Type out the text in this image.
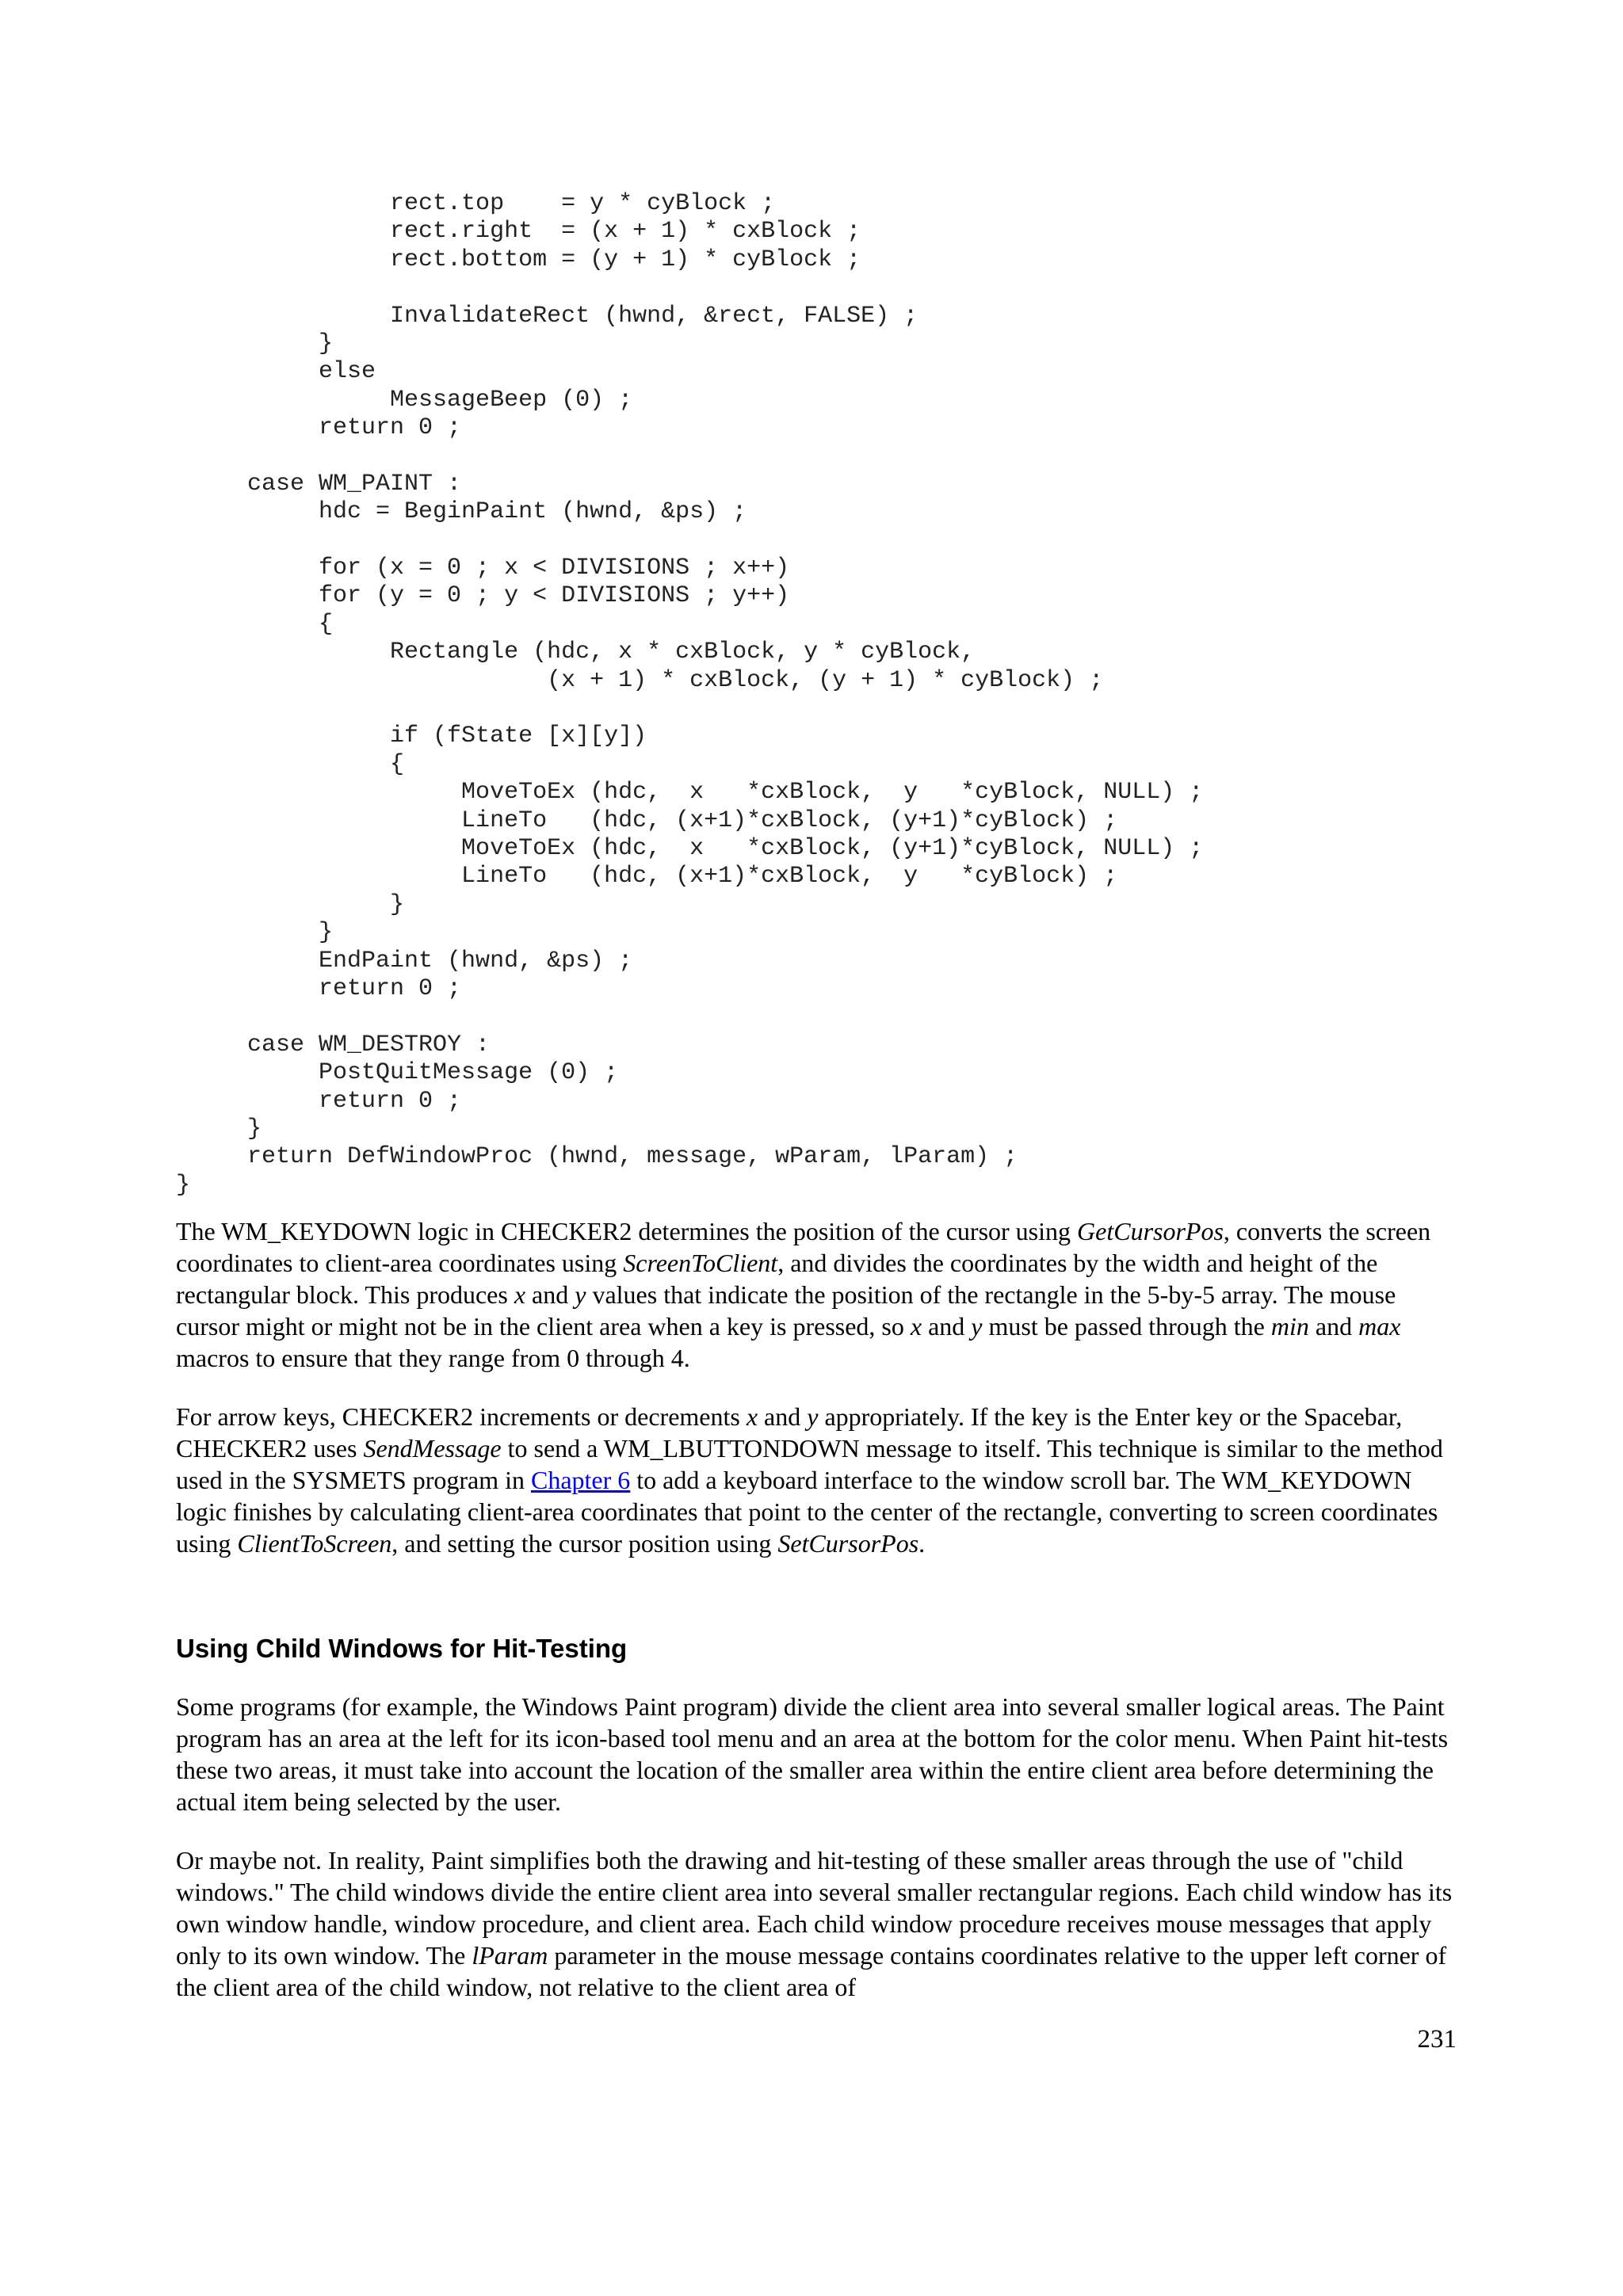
rect.top    = y * cyBlock ;
rect.right  = (x + 1) * cxBlock ;
rect.bottom = (y + 1) * cyBlock ;
InvalidateRect (hwnd, &rect, FALSE) ;
}
else
MessageBeep (0) ;
return 0 ;
case WM_PAINT :
hdc = BeginPaint (hwnd, &ps) ;
for (x = 0 ; x < DIVISIONS ; x++)
for (y = 0 ; y < DIVISIONS ; y++)
{
Rectangle (hdc, x * cxBlock, y * cyBlock,
(x + 1) * cxBlock, (y + 1) * cyBlock) ;
if (fState [x][y])
{
MoveToEx (hdc,  x   *cxBlock,  y   *cyBlock, NULL) ;
LineTo   (hdc, (x+1)*cxBlock, (y+1)*cyBlock) ;
MoveToEx (hdc,  x   *cxBlock, (y+1)*cyBlock, NULL) ;
LineTo   (hdc, (x+1)*cxBlock,  y   *cyBlock) ;
}
}
EndPaint (hwnd, &ps) ;
return 0 ;
case WM_DESTROY :
PostQuitMessage (0) ;
return 0 ;
}
return DefWindowProc (hwnd, message, wParam, lParam) ;
}

The WM_KEYDOWN logic in CHECKER2 determines the position of the cursor using GetCursorPos, converts the screen coordinates to client-area coordinates using ScreenToClient, and divides the coordinates by the width and height of the rectangular block. This produces x and y values that indicate the position of the rectangle in the 5-by-5 array. The mouse cursor might or might not be in the client area when a key is pressed, so x and y must be passed through the min and max macros to ensure that they range from 0 through 4.

For arrow keys, CHECKER2 increments or decrements x and y appropriately. If the key is the Enter key or the Spacebar, CHECKER2 uses SendMessage to send a WM_LBUTTONDOWN message to itself. This technique is similar to the method used in the SYSMETS program in Chapter 6 to add a keyboard interface to the window scroll bar. The WM_KEYDOWN logic finishes by calculating client-area coordinates that point to the center of the rectangle, converting to screen coordinates using ClientToScreen, and setting the cursor position using SetCursorPos.

Using Child Windows for Hit-Testing

Some programs (for example, the Windows Paint program) divide the client area into several smaller logical areas. The Paint program has an area at the left for its icon-based tool menu and an area at the bottom for the color menu. When Paint hit-tests these two areas, it must take into account the location of the smaller area within the entire client area before determining the actual item being selected by the user.

Or maybe not. In reality, Paint simplifies both the drawing and hit-testing of these smaller areas through the use of "child windows." The child windows divide the entire client area into several smaller rectangular regions. Each child window has its own window handle, window procedure, and client area. Each child window procedure receives mouse messages that apply only to its own window. The lParam parameter in the mouse message contains coordinates relative to the upper left corner of the client area of the child window, not relative to the client area of

231
